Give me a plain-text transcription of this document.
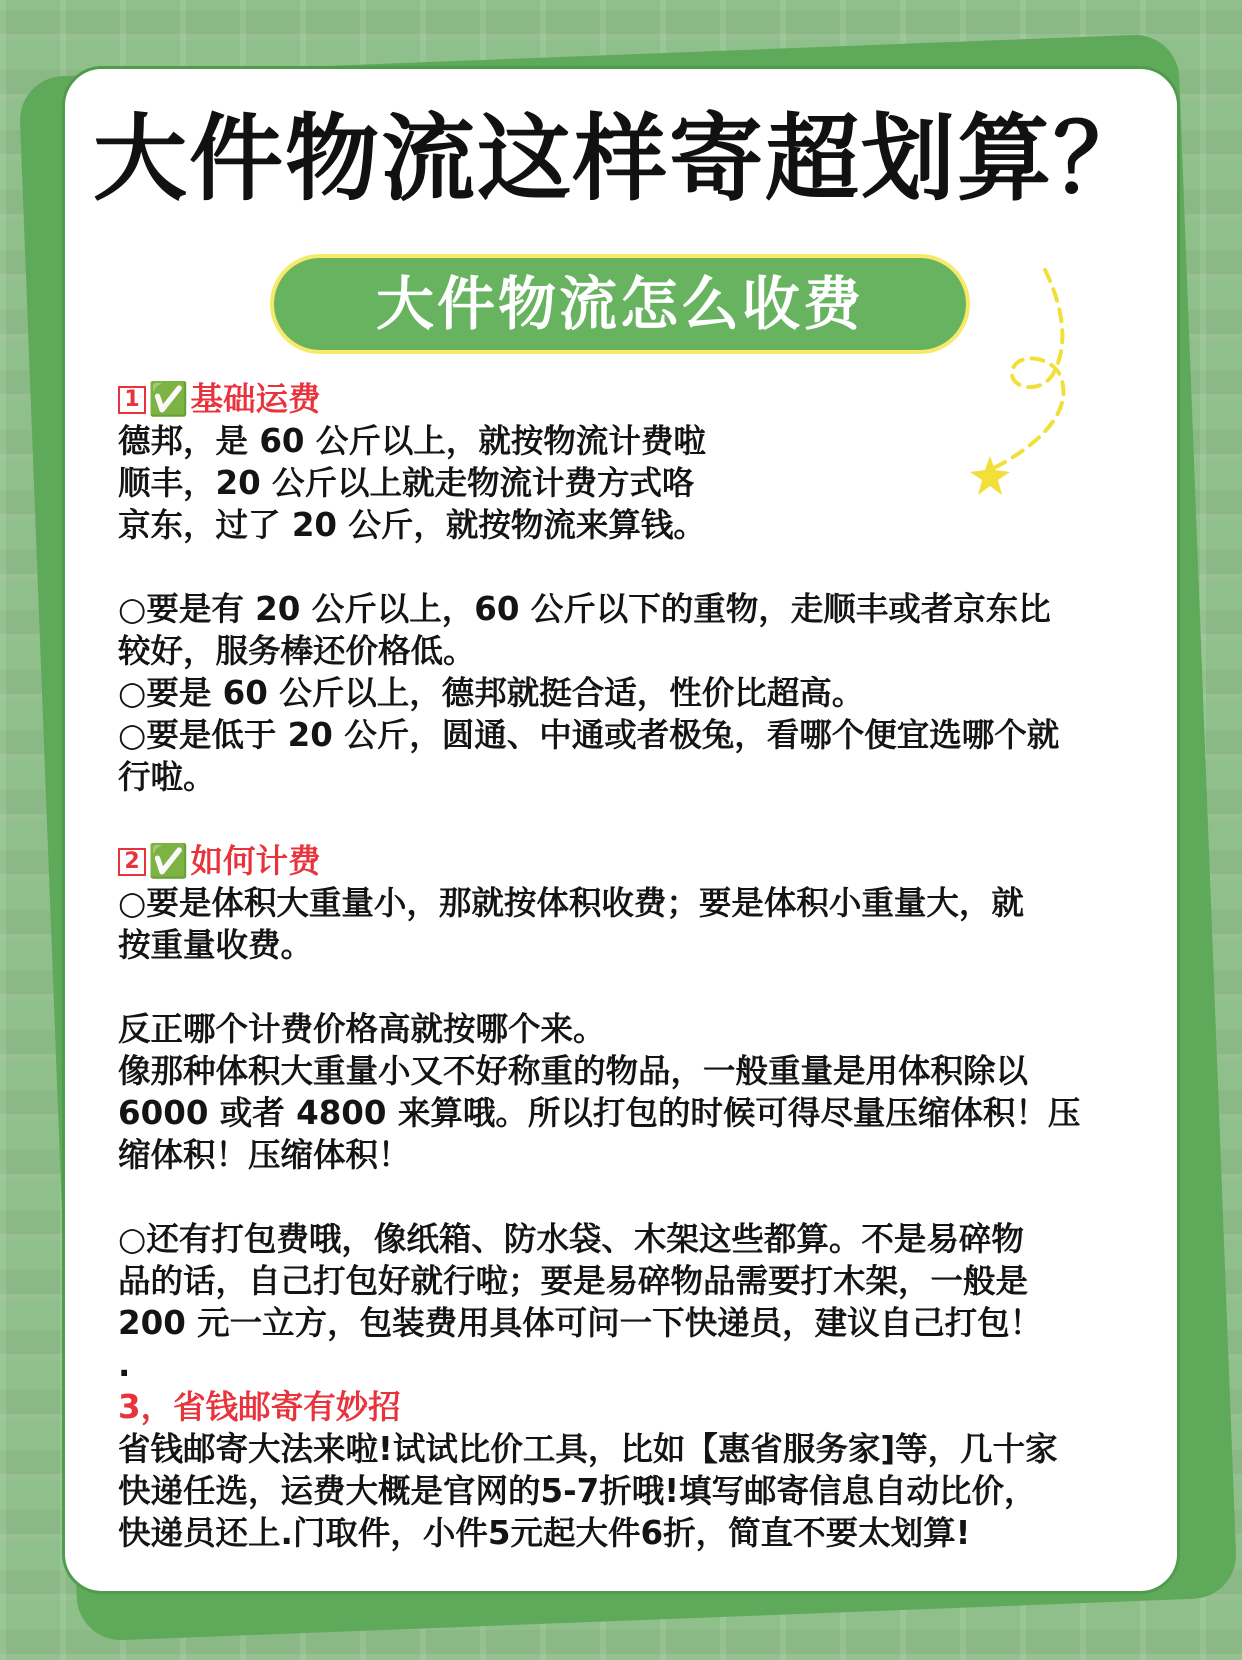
大件物流这样寄超划算？
大件物流怎么收费
1 ✅基础运费
德邦，是 60 公斤以上，就按物流计费啦
顺丰，20 公斤以上就走物流计费方式咯
京东，过了 20 公斤，就按物流来算钱。
○要是有 20 公斤以上，60 公斤以下的重物，走顺丰或者京东比
较好，服务棒还价格低。
○要是 60 公斤以上，德邦就挺合适，性价比超高。
○要是低于 20 公斤，圆通、中通或者极兔，看哪个便宜选哪个就
行啦。
2 ✅如何计费
○要是体积大重量小，那就按体积收费；要是体积小重量大，就
按重量收费。
反正哪个计费价格高就按哪个来。
像那种体积大重量小又不好称重的物品，一般重量是用体积除以
6000 或者 4800 来算哦。所以打包的时候可得尽量压缩体积！压
缩体积！压缩体积！
○还有打包费哦，像纸箱、防水袋、木架这些都算。不是易碎物
品的话，自己打包好就行啦；要是易碎物品需要打木架，一般是
200 元一立方，包装费用具体可问一下快递员，建议自己打包！
.
3，省钱邮寄有妙招
省钱邮寄大法来啦!试试比价工具，比如【惠省服务家]等，几十家
快递任选，运费大概是官网的5-7折哦!填写邮寄信息自动比价，
快递员还上.门取件，小件5元起大件6折，简直不要太划算!
